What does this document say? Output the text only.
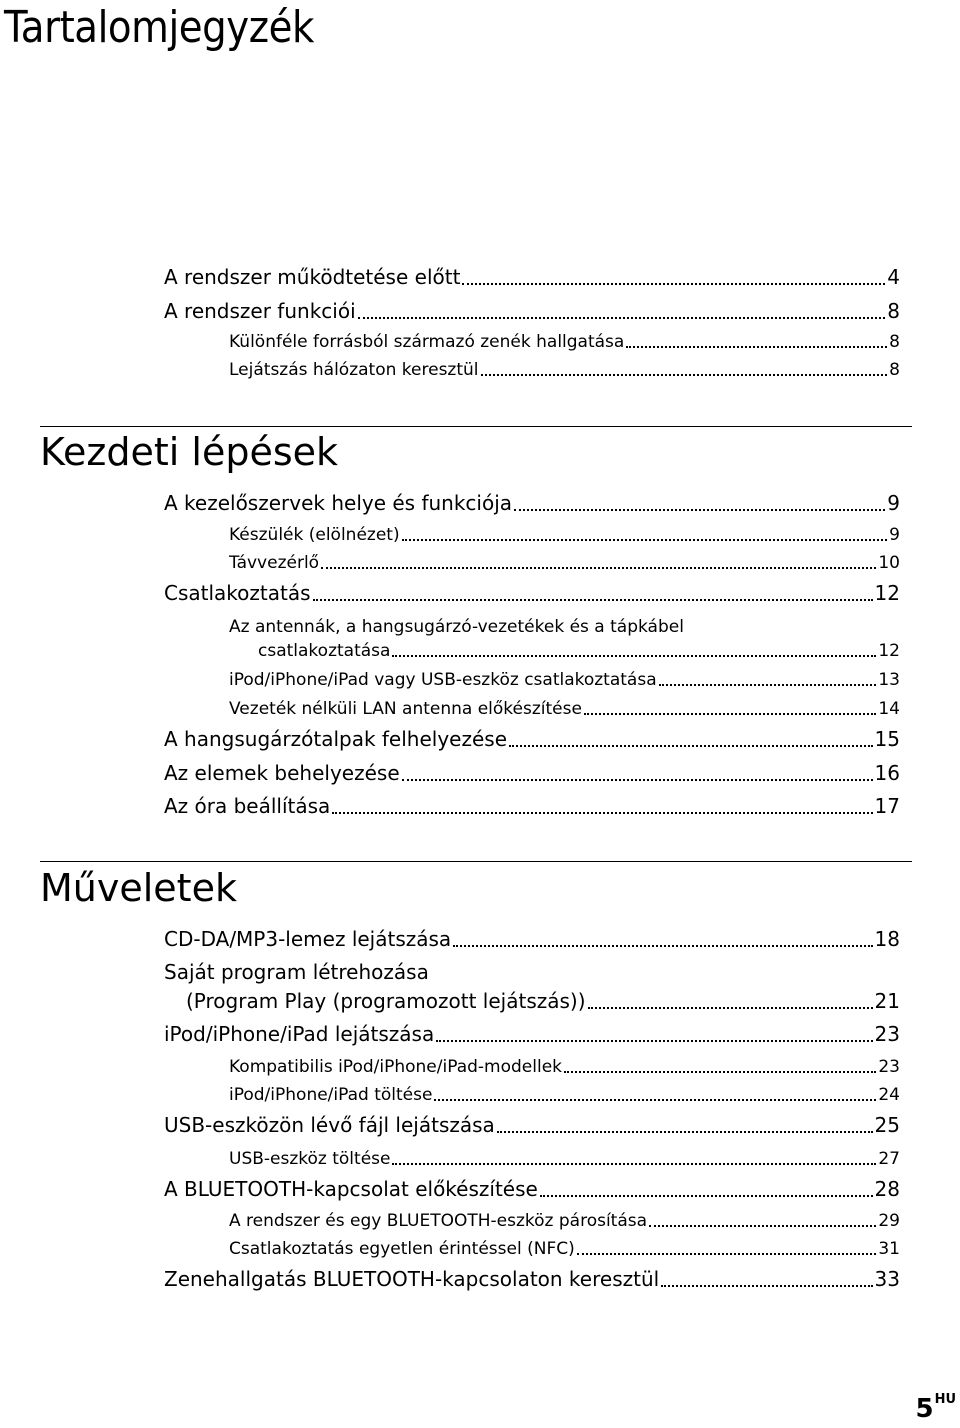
Tartalomjegyzék
A rendszer működtetése előtt	4
A rendszer funkciói	8
Különféle forrásból származó zenék hallgatása	8
Lejátszás hálózaton keresztül	8
Kezdeti lépések
A kezelőszervek helye és funkciója	9
Készülék (elölnézet)	9
Távvezérlő	10
Csatlakoztatás	12
Az antennák, a hangsugárzó-vezetékek és a tápkábel
csatlakoztatása	12
iPod/iPhone/iPad vagy USB-eszköz csatlakoztatása	13
Vezeték nélküli LAN antenna előkészítése	14
A hangsugárzótalpak felhelyezése	15
Az elemek behelyezése	16
Az óra beállítása	17
Műveletek
CD-DA/MP3-lemez lejátszása	18
Saját program létrehozása
(Program Play (programozott lejátszás))	21
iPod/iPhone/iPad lejátszása	23
Kompatibilis iPod/iPhone/iPad-modellek	23
iPod/iPhone/iPad töltése	24
USB-eszközön lévő fájl lejátszása	25
USB-eszköz töltése	27
A BLUETOOTH-kapcsolat előkészítése	28
A rendszer és egy BLUETOOTH-eszköz párosítása	29
Csatlakoztatás egyetlen érintéssel (NFC)	31
Zenehallgatás BLUETOOTH-kapcsolaton keresztül	33
$5^{HU}$
